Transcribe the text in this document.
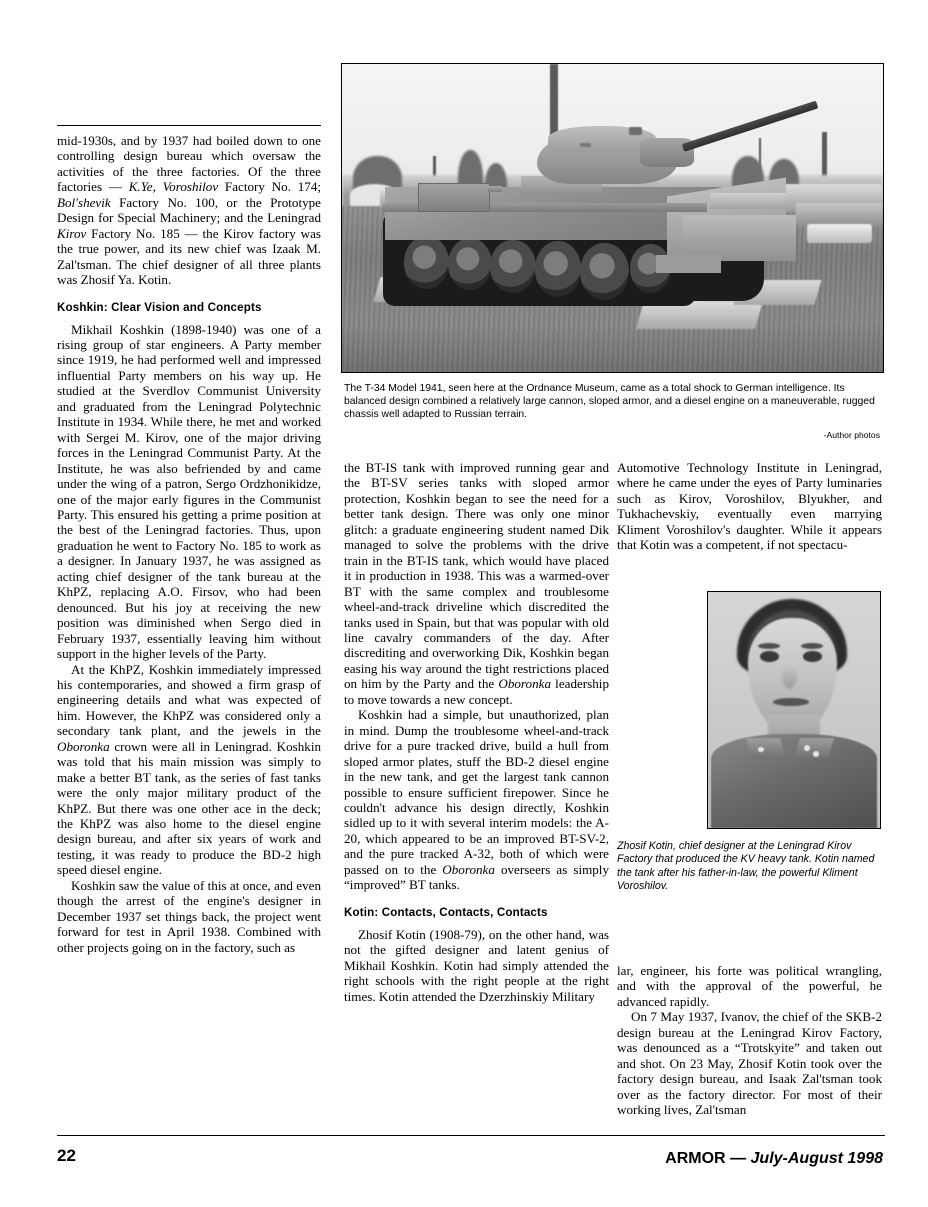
The T-34 Model 1941, seen here at the Ordnance Museum, came as a total shock to German intelligence. Its balanced design combined a relatively large cannon, sloped armor, and a diesel engine on a maneuverable, rugged chassis well adapted to Russian terrain.
-Author photos

mid-1930s, and by 1937 had boiled down to one controlling design bureau which oversaw the activities of the three factories. Of the three factories — K.Ye, Voroshilov Factory No. 174; Bol'shevik Factory No. 100, or the Prototype Design for Special Machinery; and the Leningrad Kirov Factory No. 185 — the Kirov factory was the true power, and its new chief was Izaak M. Zal'tsman. The chief designer of all three plants was Zhosif Ya. Kotin.

Koshkin: Clear Vision and Concepts

Mikhail Koshkin (1898-1940) was one of a rising group of star engineers. A Party member since 1919, he had performed well and impressed influential Party members on his way up. He studied at the Sverdlov Communist University and graduated from the Leningrad Polytechnic Institute in 1934. While there, he met and worked with Sergei M. Kirov, one of the major driving forces in the Leningrad Communist Party. At the Institute, he was also befriended by and came under the wing of a patron, Sergo Ordzhonikidze, one of the major early figures in the Communist Party. This ensured his getting a prime position at the best of the Leningrad factories. Thus, upon graduation he went to Factory No. 185 to work as a designer. In January 1937, he was assigned as acting chief designer of the tank bureau at the KhPZ, replacing A.O. Firsov, who had been denounced. But his joy at receiving the new position was diminished when Sergo died in February 1937, essentially leaving him without support in the higher levels of the Party.

At the KhPZ, Koshkin immediately impressed his contemporaries, and showed a firm grasp of engineering details and what was expected of him. However, the KhPZ was considered only a secondary tank plant, and the jewels in the Oboronka crown were all in Leningrad. Koshkin was told that his main mission was simply to make a better BT tank, as the series of fast tanks were the only major military product of the KhPZ. But there was one other ace in the deck; the KhPZ was also home to the diesel engine design bureau, and after six years of work and testing, it was ready to produce the BD-2 high speed diesel engine.

Koshkin saw the value of this at once, and even though the arrest of the engine's designer in December 1937 set things back, the project went forward for test in April 1938. Combined with other projects going on in the factory, such as

the BT-IS tank with improved running gear and the BT-SV series tanks with sloped armor protection, Koshkin began to see the need for a better tank design. There was only one minor glitch: a graduate engineering student named Dik managed to solve the problems with the drive train in the BT-IS tank, which would have placed it in production in 1938. This was a warmed-over BT with the same complex and troublesome wheel-and-track driveline which discredited the tanks used in Spain, but that was popular with old line cavalry commanders of the day. After discrediting and overworking Dik, Koshkin began easing his way around the tight restrictions placed on him by the Party and the Oboronka leadership to move towards a new concept.

Koshkin had a simple, but unauthorized, plan in mind. Dump the troublesome wheel-and-track drive for a pure tracked drive, build a hull from sloped armor plates, stuff the BD-2 diesel engine in the new tank, and get the largest tank cannon possible to ensure sufficient firepower. Since he couldn't advance his design directly, Koshkin sidled up to it with several interim models: the A-20, which appeared to be an improved BT-SV-2, and the pure tracked A-32, both of which were passed on to the Oboronka overseers as simply “improved” BT tanks.

Kotin: Contacts, Contacts, Contacts

Zhosif Kotin (1908-79), on the other hand, was not the gifted designer and latent genius of Mikhail Koshkin. Kotin had simply attended the right schools with the right people at the right times. Kotin attended the Dzerzhinskiy Military

Automotive Technology Institute in Leningrad, where he came under the eyes of Party luminaries such as Kirov, Voroshilov, Blyukher, and Tukhachevskiy, eventually even marrying Kliment Voroshilov's daughter. While it appears that Kotin was a competent, if not spectacu-

Zhosif Kotin, chief designer at the Leningrad Kirov Factory that produced the KV heavy tank. Kotin named the tank after his father-in-law, the powerful Kliment Voroshilov.

lar, engineer, his forte was political wrangling, and with the approval of the powerful, he advanced rapidly.

On 7 May 1937, Ivanov, the chief of the SKB-2 design bureau at the Leningrad Kirov Factory, was denounced as a “Trotskyite” and taken out and shot. On 23 May, Zhosif Kotin took over the factory design bureau, and Isaak Zal'tsman took over as the factory director. For most of their working lives, Zal'tsman

22	ARMOR — July-August 1998
